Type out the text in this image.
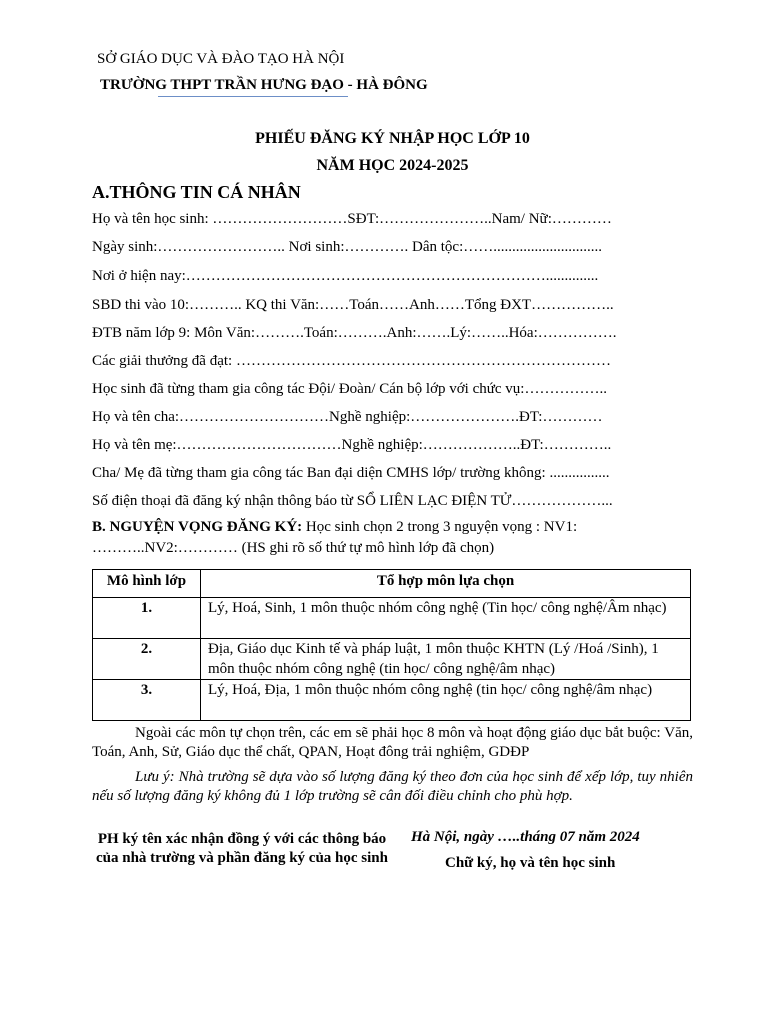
SỞ GIÁO DỤC VÀ ĐÀO TẠO HÀ NỘI
TRƯỜNG THPT TRẦN HƯNG ĐẠO - HÀ ĐÔNG
PHIẾU ĐĂNG KÝ NHẬP HỌC LỚP 10
NĂM HỌC 2024-2025
A.THÔNG TIN CÁ NHÂN
Họ và tên học sinh: ………………………SĐT:…………………..Nam/ Nữ:…………
Ngày sinh:…………………….. Nơi sinh:…………. Dân tộc:…….............................
Nơi ở hiện nay:………………………………………………………………..............
SBD thi vào 10:……….. KQ thi Văn:……Toán……Anh……Tổng ĐXT……………..
ĐTB năm lớp 9: Môn Văn:……….Toán:……….Anh:…….Lý:……..Hóa:…………….
Các giải thưởng đã đạt: …………………………………………………………………
Học sinh đã từng tham gia công tác Đội/ Đoàn/ Cán bộ lớp với chức vụ:……………..
Họ và tên cha:…………………………Nghề nghiệp:………………….ĐT:…………
Họ và tên mẹ:……………………………Nghề nghiệp:………………..ĐT:…………..
Cha/ Mẹ đã từng tham gia công tác Ban đại diện CMHS lớp/ trường không: ................
Số điện thoại đã đăng ký nhận thông báo từ SỔ LIÊN LẠC ĐIỆN TỬ………………...
B. NGUYỆN VỌNG ĐĂNG KÝ: Học sinh chọn 2 trong 3 nguyện vọng : NV1:
………..NV2:………… (HS ghi rõ số thứ tự mô hình lớp đã chọn)
Mô hình lớp	Tổ hợp môn lựa chọn
1.	Lý, Hoá, Sinh, 1 môn thuộc nhóm công nghệ (Tin học/ công nghệ/Âm nhạc)
2.	Địa, Giáo dục Kinh tế và pháp luật, 1 môn thuộc KHTN (Lý /Hoá /Sinh), 1 môn thuộc nhóm công nghệ (tin học/ công nghệ/âm nhạc)
3.	Lý, Hoá, Địa, 1 môn thuộc nhóm công nghệ (tin học/ công nghệ/âm nhạc)
Ngoài các môn tự chọn trên, các em sẽ phải học 8 môn và hoạt động giáo dục bắt buộc: Văn, Toán, Anh, Sử, Giáo dục thể chất, QPAN, Hoạt đông trải nghiệm, GDĐP
Lưu ý: Nhà trường sẽ dựa vào số lượng đăng ký theo đơn của học sinh để xếp lớp, tuy nhiên nếu số lượng đăng ký không đủ 1 lớp trường sẽ cân đối điều chỉnh cho phù hợp.
PH ký tên xác nhận đồng ý với các thông báo của nhà trường và phần đăng ký của học sinh
Hà Nội, ngày …..tháng 07 năm 2024
Chữ ký, họ và tên học sinh
